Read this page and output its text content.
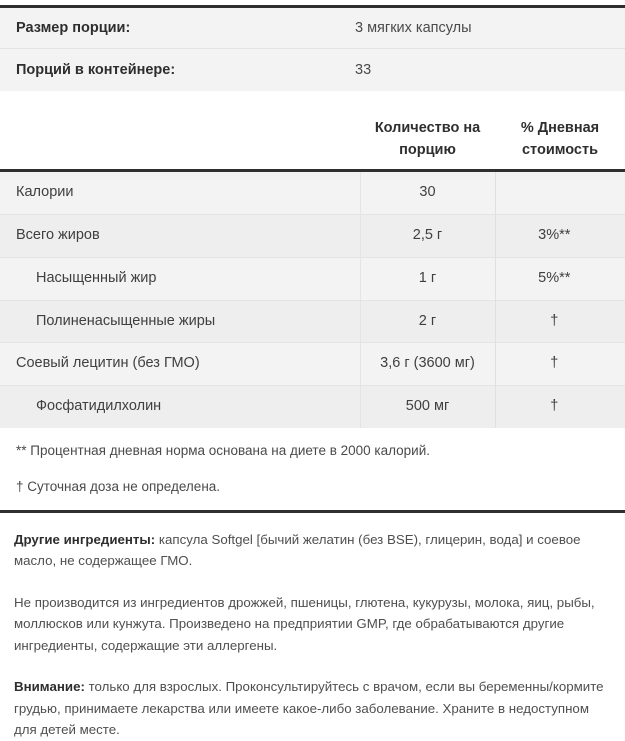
Размер порции:	3 мягких капсулы
Порций в контейнере:	33
	Количество на порцию	% Дневная стоимость
Калории	30	
Всего жиров	2,5 г	3%**
Насыщенный жир	1 г	5%**
Полиненасыщенные жиры	2 г	†
Соевый лецитин (без ГМО)	3,6 г (3600 мг)	†
Фосфатидилхолин	500 мг	†

** Процентная дневная норма основана на диете в 2000 калорий.

† Суточная доза не определена.

Другие ингредиенты: капсула Softgel [бычий желатин (без BSE), глицерин, вода] и соевое масло, не содержащее ГМО.

Не производится из ингредиентов дрожжей, пшеницы, глютена, кукурузы, молока, яиц, рыбы, моллюсков или кунжута. Произведено на предприятии GMP, где обрабатываются другие ингредиенты, содержащие эти аллергены.

Внимание: только для взрослых. Проконсультируйтесь с врачом, если вы беременны/кормите грудью, принимаете лекарства или имеете какое-либо заболевание. Храните в недоступном для детей месте.
